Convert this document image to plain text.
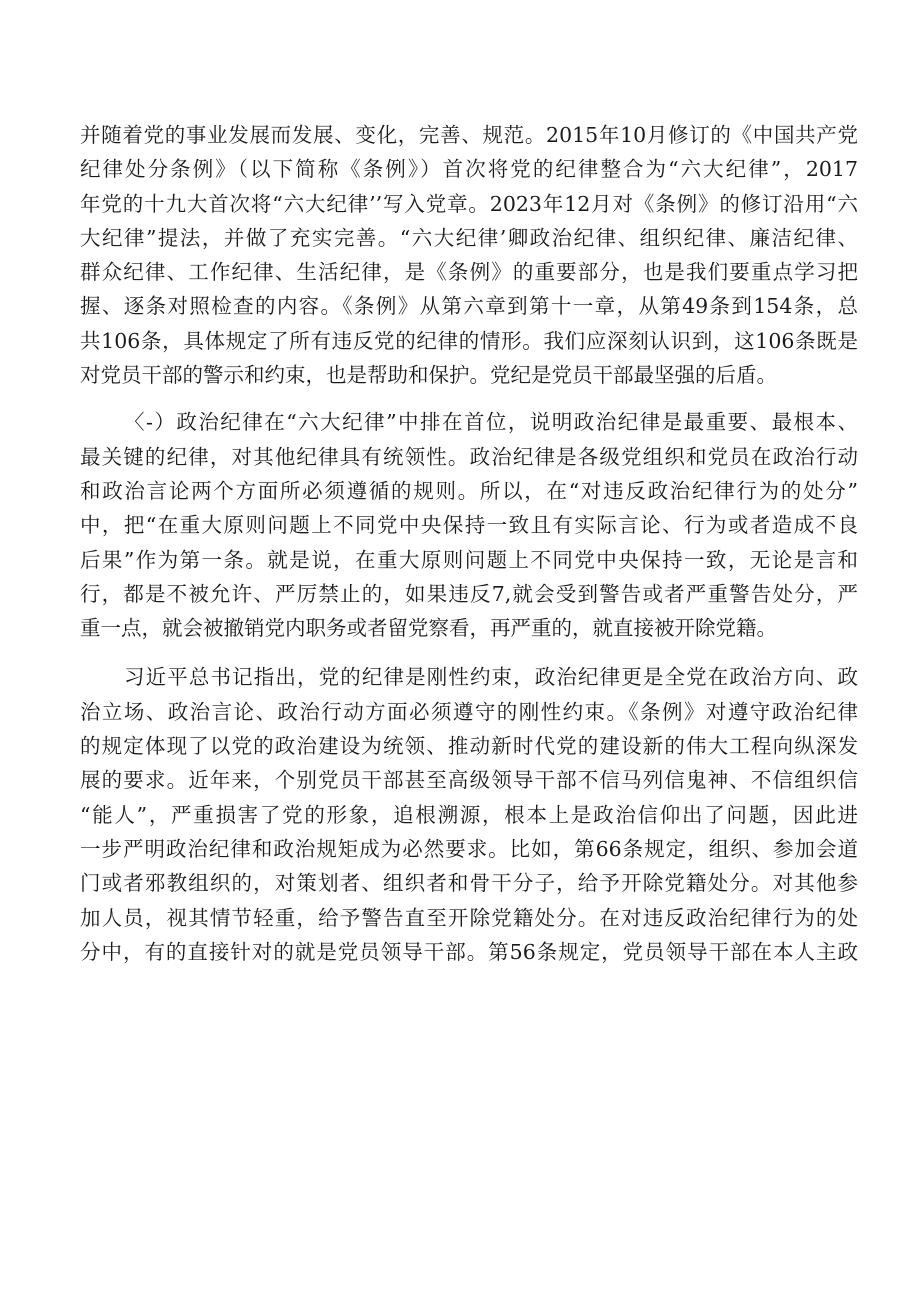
并随着党的事业发展而发展、变化，完善、规范。2015年10月修订的《中国共产党
纪律处分条例》（以下简称《条例》）首次将党的纪律整合为“六大纪律”，2017
年党的十九大首次将“六大纪律’’写入党章。2023年12月对《条例》的修订沿用“六
大纪律”提法，并做了充实完善。“六大纪律’卿政治纪律、组织纪律、廉洁纪律、
群众纪律、工作纪律、生活纪律，是《条例》的重要部分，也是我们要重点学习把
握、逐条对照检查的内容。《条例》从第六章到第十一章，从第49条到154条，总
共106条，具体规定了所有违反党的纪律的情形。我们应深刻认识到，这106条既是
对党员干部的警示和约束，也是帮助和保护。党纪是党员干部最坚强的后盾。
〈-）政治纪律在“六大纪律”中排在首位，说明政治纪律是最重要、最根本、
最关键的纪律，对其他纪律具有统领性。政治纪律是各级党组织和党员在政治行动
和政治言论两个方面所必须遵循的规则。所以，在“对违反政治纪律行为的处分”
中，把“在重大原则问题上不同党中央保持一致且有实际言论、行为或者造成不良
后果”作为第一条。就是说，在重大原则问题上不同党中央保持一致，无论是言和
行，都是不被允许、严厉禁止的，如果违反7,就会受到警告或者严重警告处分，严
重一点，就会被撤销党内职务或者留党察看，再严重的，就直接被开除党籍。
习近平总书记指出，党的纪律是刚性约束，政治纪律更是全党在政治方向、政
治立场、政治言论、政治行动方面必须遵守的刚性约束。《条例》对遵守政治纪律
的规定体现了以党的政治建设为统领、推动新时代党的建设新的伟大工程向纵深发
展的要求。近年来，个别党员干部甚至高级领导干部不信马列信鬼神、不信组织信
“能人”，严重损害了党的形象，追根溯源，根本上是政治信仰出了问题，因此进
一步严明政治纪律和政治规矩成为必然要求。比如，第66条规定，组织、参加会道
门或者邪教组织的，对策划者、组织者和骨干分子，给予开除党籍处分。对其他参
加人员，视其情节轻重，给予警告直至开除党籍处分。在对违反政治纪律行为的处
分中，有的直接针对的就是党员领导干部。第56条规定，党员领导干部在本人主政
